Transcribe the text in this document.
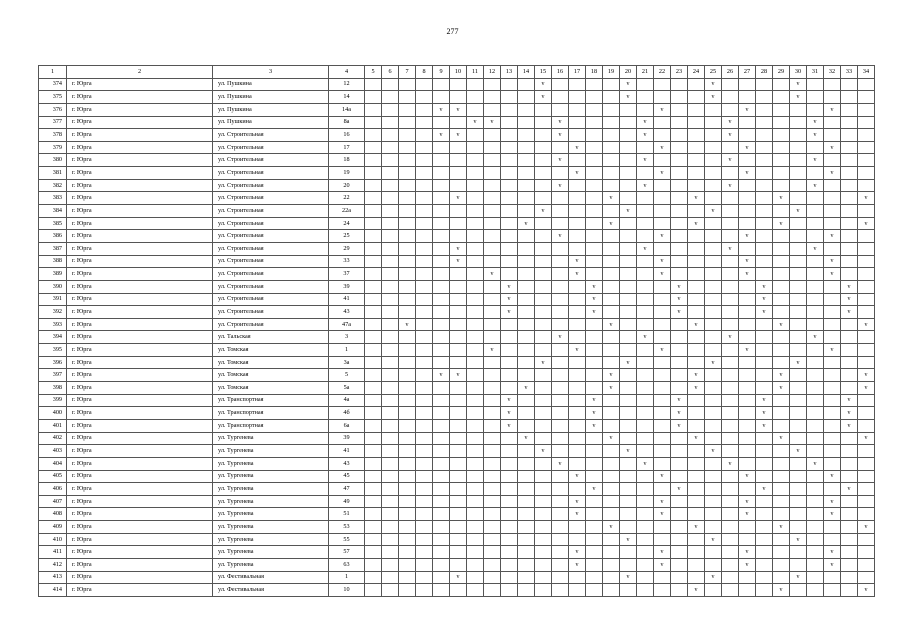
277
1	2	3	4	5	6	7	8	9	10	11	12	13	14	15	16	17	18	19	20	21	22	23	24	25	26	27	28	29	30	31	32	33	34
374	г. Юрга	ул. Пушкина	12											v					v					v					v				
375	г. Юрга	ул. Пушкина	14											v					v					v					v				
376	г. Юрга	ул. Пушкина	14а					v	v												v					v					v		
377	г. Юрга	ул. Пушкина	8а							v	v				v					v					v					v			
378	г. Юрга	ул. Строительная	16					v	v						v					v					v					v			
379	г. Юрга	ул. Строительная	17													v					v					v					v		
380	г. Юрга	ул. Строительная	18												v					v					v					v			
381	г. Юрга	ул. Строительная	19													v					v					v					v		
382	г. Юрга	ул. Строительная	20												v					v					v					v			
383	г. Юрга	ул. Строительная	22						v									v					v					v					v
384	г. Юрга	ул. Строительная	22а											v					v					v					v				
385	г. Юрга	ул. Строительная	24										v					v					v					v					v
386	г. Юрга	ул. Строительная	25												v						v					v					v		
387	г. Юрга	ул. Строительная	29						v											v					v					v			
388	г. Юрга	ул. Строительная	33						v							v					v					v					v		
389	г. Юрга	ул. Строительная	37								v					v					v					v					v		
390	г. Юрга	ул. Строительная	39									v					v					v					v					v	
391	г. Юрга	ул. Строительная	41									v					v					v					v					v	
392	г. Юрга	ул. Строительная	43									v					v					v					v					v	
393	г. Юрга	ул. Строительная	47а			v												v					v					v					v
394	г. Юрга	ул. Тальская	3												v					v					v					v			
395	г. Юрга	ул. Томская	1								v					v					v					v					v		
396	г. Юрга	ул. Томская	3а											v					v					v					v				
397	г. Юрга	ул. Томская	5					v	v									v					v					v					v
398	г. Юрга	ул. Томская	5а										v					v					v					v					v
399	г. Юрга	ул. Транспортная	4а									v					v					v					v					v	
400	г. Юрга	ул. Транспортная	4б									v					v					v					v					v	
401	г. Юрга	ул. Транспортная	6а									v					v					v					v					v	
402	г. Юрга	ул. Тургенева	39										v					v					v					v					v
403	г. Юрга	ул. Тургенева	41											v					v					v					v				
404	г. Юрга	ул. Тургенева	43												v					v					v					v			
405	г. Юрга	ул. Тургенева	45													v					v					v					v		
406	г. Юрга	ул. Тургенева	47														v					v					v					v	
407	г. Юрга	ул. Тургенева	49													v					v					v					v		
408	г. Юрга	ул. Тургенева	51													v					v					v					v		
409	г. Юрга	ул. Тургенева	53															v					v					v					v
410	г. Юрга	ул. Тургенева	55																v					v					v				
411	г. Юрга	ул. Тургенева	57													v					v					v					v		
412	г. Юрга	ул. Тургенева	63													v					v					v					v		
413	г. Юрга	ул. Фестивальная	1						v										v					v					v				
414	г. Юрга	ул. Фестивальная	10																				v					v					v
